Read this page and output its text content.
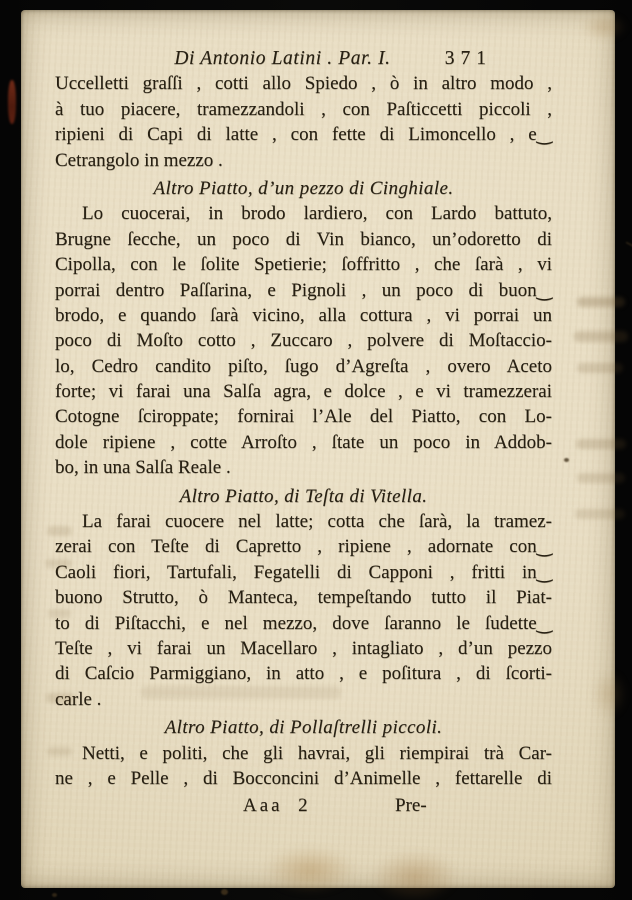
Di Antonio Latini . Par. I.	371
Uccelletti graſſi , cotti allo Spiedo , ò in altro modo ,
à tuo piacere, tramezzandoli , con Paſticcetti piccoli ,
ripieni di Capi di latte , con fette di Limoncello , e‿
Cetrangolo in mezzo .
Altro Piatto, d’un pezzo di Cinghiale.
Lo cuocerai, in brodo lardiero, con Lardo battuto,
Brugne ſecche, un poco di Vin bianco, un’odoretto di
Cipolla, con le ſolite Spetierie; ſoffritto , che ſarà , vi
porrai dentro Paſſarina, e Pignoli , un poco di buon‿
brodo, e quando ſarà vicino, alla cottura , vi porrai un
poco di Moſto cotto , Zuccaro , polvere di Moſtaccio-
lo, Cedro candito piſto, ſugo d’Agreſta , overo Aceto
forte; vi farai una Salſa agra, e dolce , e vi tramezzerai
Cotogne ſciroppate; fornirai l’Ale del Piatto, con Lo-
dole ripiene , cotte Arroſto , ſtate un poco in Addob-
bo, in una Salſa Reale .
Altro Piatto, di Teſta di Vitella.
La farai cuocere nel latte; cotta che ſarà, la tramez-
zerai con Teſte di Capretto , ripiene , adornate con‿
Caoli fiori, Tartufali, Fegatelli di Capponi , fritti in‿
buono Strutto, ò Manteca, tempeſtando tutto il Piat-
to di Piſtacchi, e nel mezzo, dove ſaranno le ſudette‿
Teſte , vi farai un Macellaro , intagliato , d’un pezzo
di Caſcio Parmiggiano, in atto , e poſitura , di ſcorti-
carle .
Altro Piatto, di Pollaſtrelli piccoli.
Netti, e politi, che gli havrai, gli riempirai trà Car-
ne , e Pelle , di Bocconcini d’Animelle , fettarelle di
Aaa  2	Pre-
